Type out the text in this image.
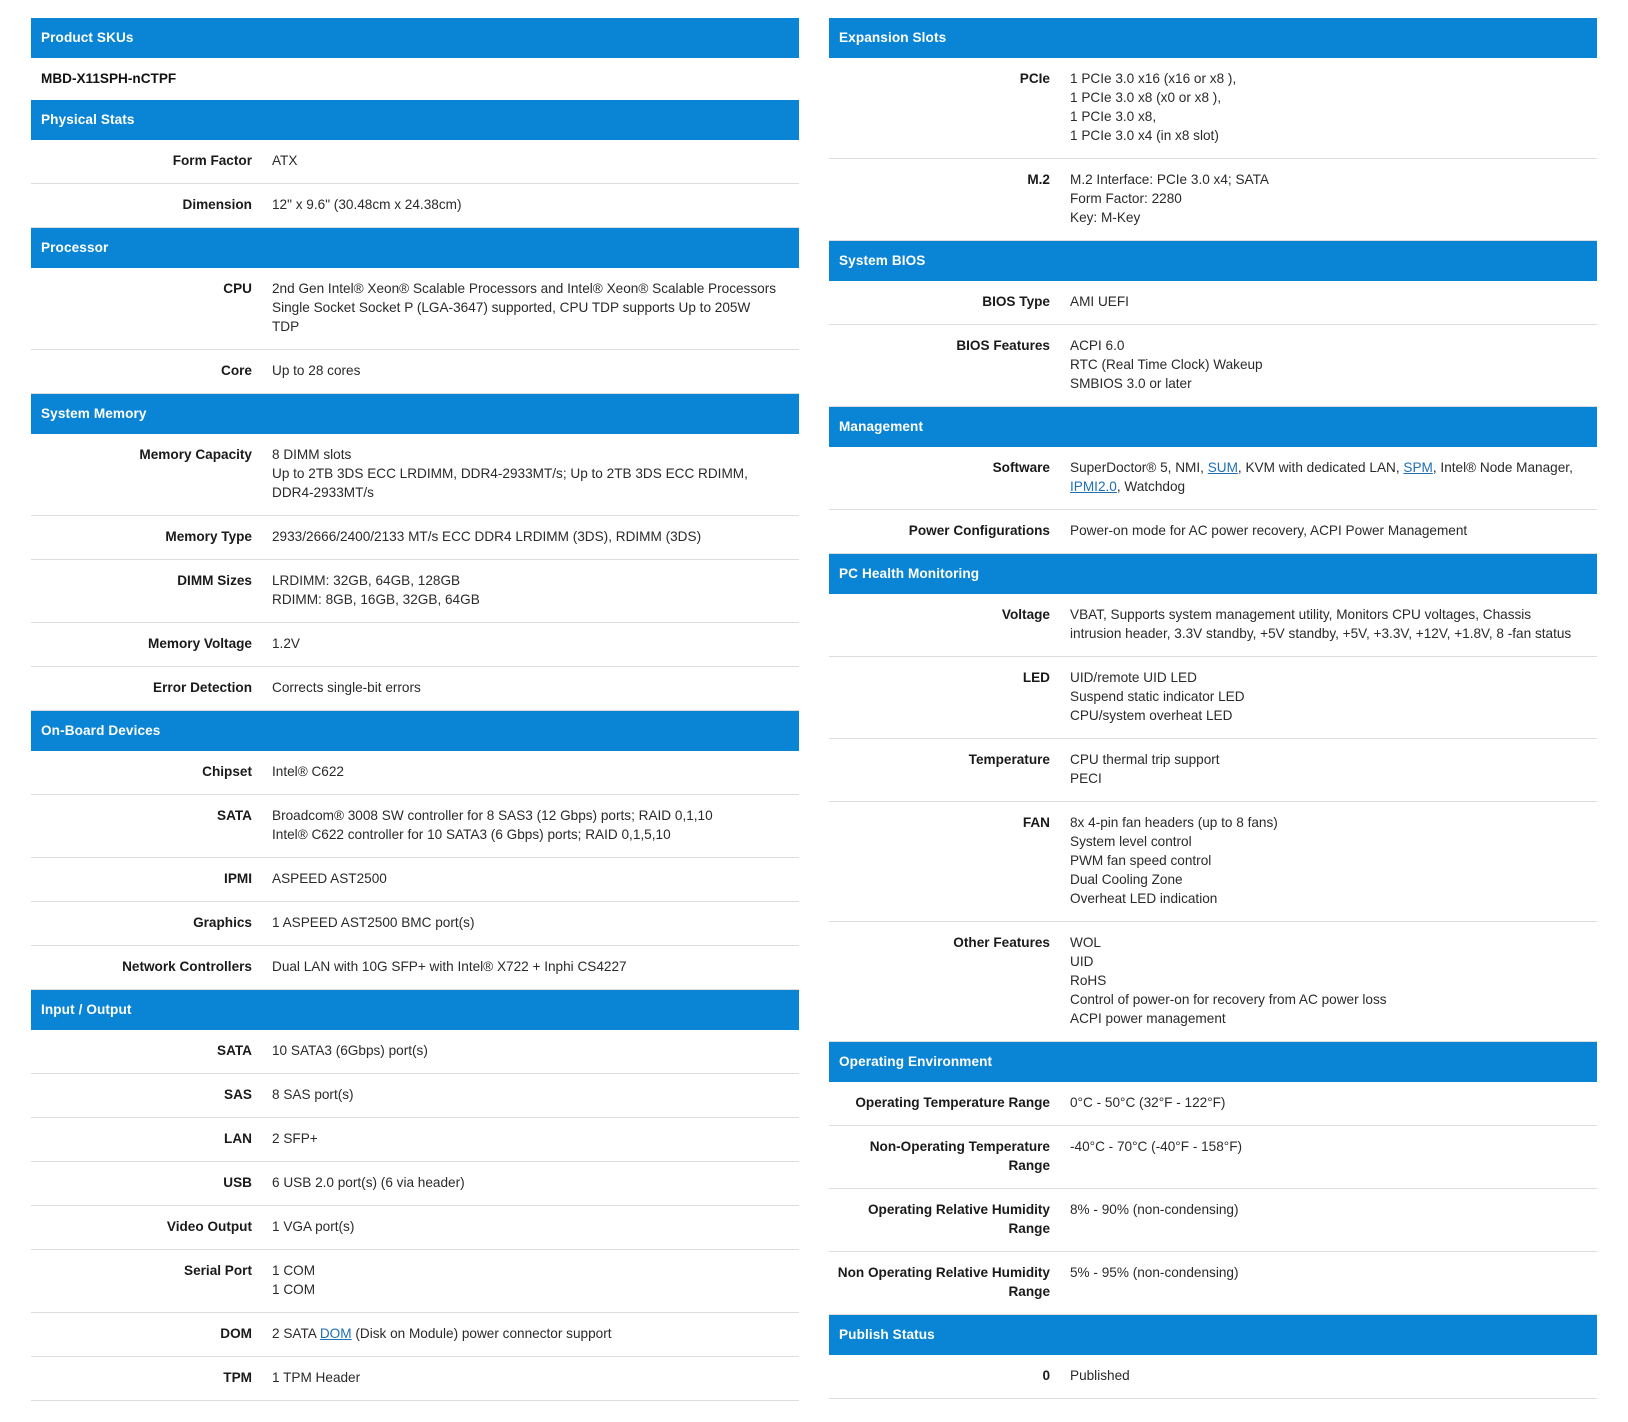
Product SKUs
MBD-X11SPH-nCTPF
Physical Stats
Form Factor ATX
Dimension 12" x 9.6" (30.48cm x 24.38cm)
Processor
CPU 2nd Gen Intel® Xeon® Scalable Processors and Intel® Xeon® Scalable Processors Single Socket Socket P (LGA-3647) supported, CPU TDP supports Up to 205W TDP
Core Up to 28 cores
System Memory
Memory Capacity 8 DIMM slots
Up to 2TB 3DS ECC LRDIMM, DDR4-2933MT/s; Up to 2TB 3DS ECC RDIMM, DDR4-2933MT/s
Memory Type 2933/2666/2400/2133 MT/s ECC DDR4 LRDIMM (3DS), RDIMM (3DS)
DIMM Sizes LRDIMM: 32GB, 64GB, 128GB
RDIMM: 8GB, 16GB, 32GB, 64GB
Memory Voltage 1.2V
Error Detection Corrects single-bit errors
On-Board Devices
Chipset Intel® C622
SATA Broadcom® 3008 SW controller for 8 SAS3 (12 Gbps) ports; RAID 0,1,10
Intel® C622 controller for 10 SATA3 (6 Gbps) ports; RAID 0,1,5,10
IPMI ASPEED AST2500
Graphics 1 ASPEED AST2500 BMC port(s)
Network Controllers Dual LAN with 10G SFP+ with Intel® X722 + Inphi CS4227
Input / Output
SATA 10 SATA3 (6Gbps) port(s)
SAS 8 SAS port(s)
LAN 2 SFP+
USB 6 USB 2.0 port(s) (6 via header)
Video Output 1 VGA port(s)
Serial Port 1 COM
1 COM
DOM 2 SATA DOM (Disk on Module) power connector support
TPM 1 TPM Header
Expansion Slots
PCIe 1 PCIe 3.0 x16 (x16 or x8 ),
1 PCIe 3.0 x8 (x0 or x8 ),
1 PCIe 3.0 x8,
1 PCIe 3.0 x4 (in x8 slot)
M.2 M.2 Interface: PCIe 3.0 x4; SATA
Form Factor: 2280
Key: M-Key
System BIOS
BIOS Type AMI UEFI
BIOS Features ACPI 6.0
RTC (Real Time Clock) Wakeup
SMBIOS 3.0 or later
Management
Software SuperDoctor® 5, NMI, SUM, KVM with dedicated LAN, SPM, Intel® Node Manager, IPMI2.0, Watchdog
Power Configurations Power-on mode for AC power recovery, ACPI Power Management
PC Health Monitoring
Voltage VBAT, Supports system management utility, Monitors CPU voltages, Chassis intrusion header, 3.3V standby, +5V standby, +5V, +3.3V, +12V, +1.8V, 8 -fan status
LED UID/remote UID LED
Suspend static indicator LED
CPU/system overheat LED
Temperature CPU thermal trip support
PECI
FAN 8x 4-pin fan headers (up to 8 fans)
System level control
PWM fan speed control
Dual Cooling Zone
Overheat LED indication
Other Features WOL
UID
RoHS
Control of power-on for recovery from AC power loss
ACPI power management
Operating Environment
Operating Temperature Range 0°C - 50°C (32°F - 122°F)
Non-Operating Temperature Range
-40°C - 70°C (-40°F - 158°F)
Operating Relative Humidity Range
8% - 90% (non-condensing)
Non Operating Relative Humidity Range
5% - 95% (non-condensing)
Publish Status
0 Published
